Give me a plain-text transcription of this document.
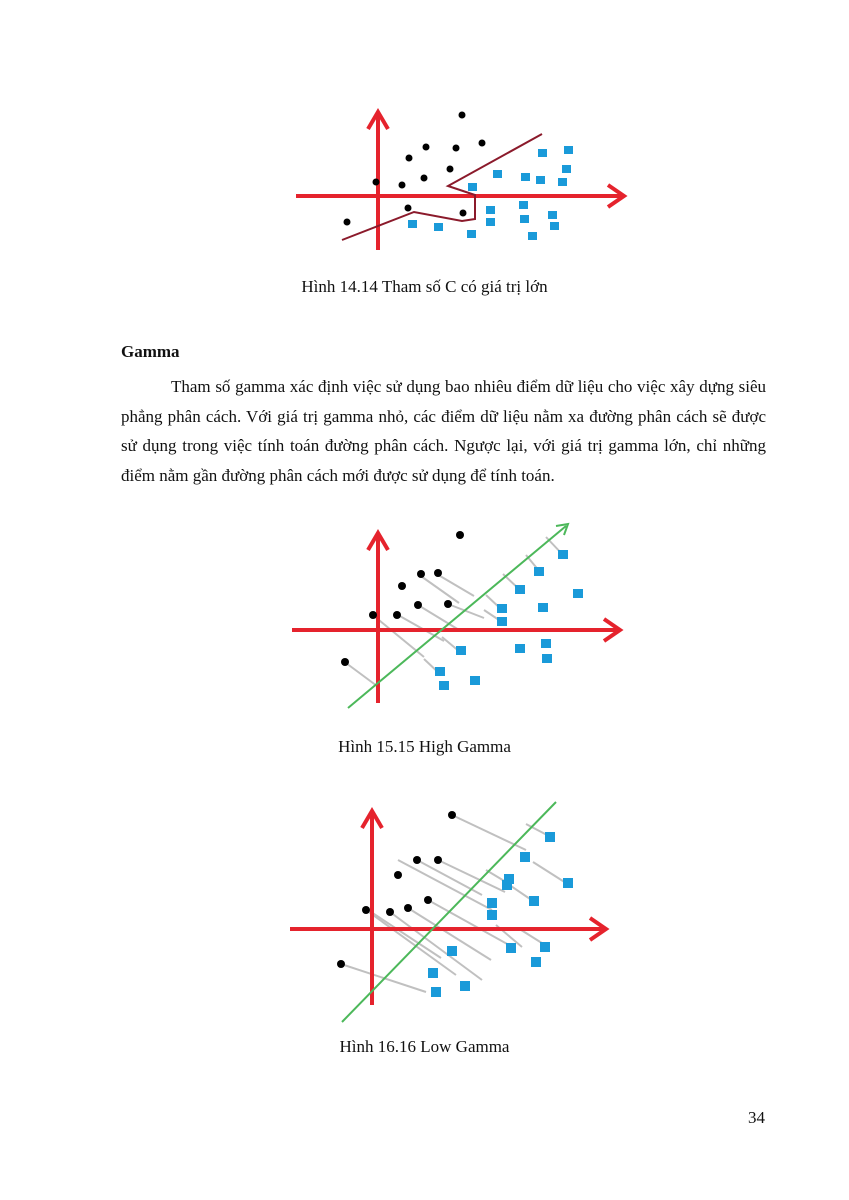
Hình 14.14 Tham số C có giá trị lớn
Gamma

Tham số gamma xác định việc sử dụng bao nhiêu điểm dữ liệu cho việc xây dựng siêu phẳng phân cách. Với giá trị gamma nhỏ, các điểm dữ liệu nằm xa đường phân cách sẽ được sử dụng trong việc tính toán đường phân cách. Ngược lại, với giá trị gamma lớn, chỉ những điểm nằm gần đường phân cách mới được sử dụng để tính toán.

Hình 15.15 High Gamma
Hình 16.16 Low Gamma
34
